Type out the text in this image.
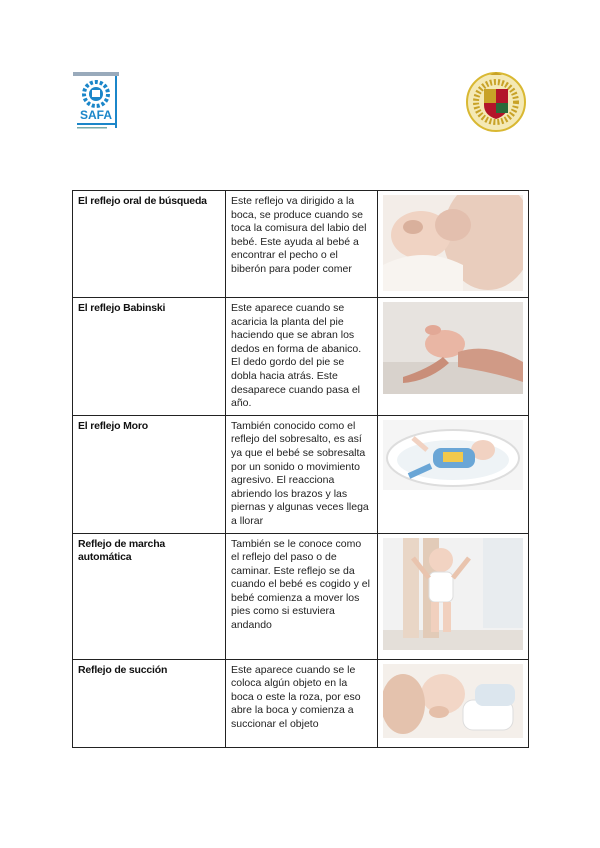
SAFA
El reflejo oral de búsqueda	Este reflejo va dirigido a la boca, se produce cuando se toca la comisura del labio del bebé. Este ayuda al bebé a encontrar el pecho o el biberón para poder comer	

El reflejo Babinski	Este aparece cuando se acaricia la planta del pie haciendo que se abran los dedos en forma de abanico. El dedo gordo del pie se dobla hacia atrás. Este desaparece cuando pasa el año.	

El reflejo Moro	También conocido como el reflejo del sobresalto, es así ya que el bebé se sobresalta por un sonido o movimiento agresivo. El reacciona abriendo los brazos y las piernas y algunas veces llega a llorar	

Reflejo de marcha automática	También se le conoce como el reflejo del paso o de caminar. Este reflejo se da cuando el bebé es cogido y el bebé comienza a mover los pies como si estuviera andando	

Reflejo de succión	Este aparece cuando se le coloca algún objeto en la boca o este la roza, por eso abre la boca y comienza a succionar el objeto	
